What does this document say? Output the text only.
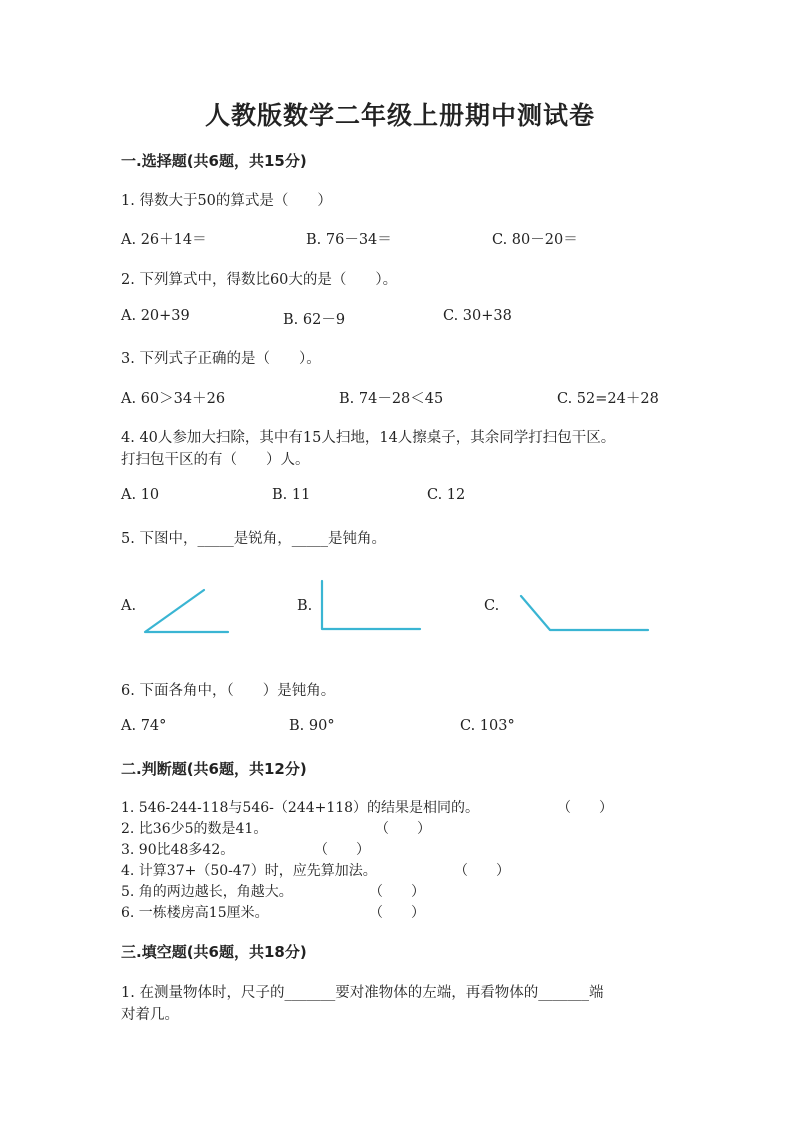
人教版数学二年级上册期中测试卷
一.选择题(共6题，共15分)
1. 得数大于50的算式是（　　）
A. 26＋14＝	B. 76－34＝	C. 80－20＝
2. 下列算式中，得数比60大的是（　　）。
A. 20+39	B. 62－9	C. 30+38
3. 下列式子正确的是（　　）。
A. 60＞34＋26	B. 74－28＜45	C. 52=24＋28
4. 40人参加大扫除，其中有15人扫地，14人擦桌子，其余同学打扫包干区。
打扫包干区的有（　　）人。
A. 10	B. 11	C. 12
5. 下图中，_____是锐角，_____是钝角。
A.	B.	C.
6. 下面各角中，（　　）是钝角。
A. 74°	B. 90°	C. 103°
二.判断题(共6题，共12分)
1. 546-244-118与546-（244+118）的结果是相同的。	（　　）
2. 比36少5的数是41。	（　　）
3. 90比48多42。	（　　）
4. 计算37+（50-47）时，应先算加法。	（　　）
5. 角的两边越长，角越大。	（　　）
6. 一栋楼房高15厘米。	（　　）
三.填空题(共6题，共18分)
1. 在测量物体时，尺子的_______要对准物体的左端，再看物体的_______端
对着几。
